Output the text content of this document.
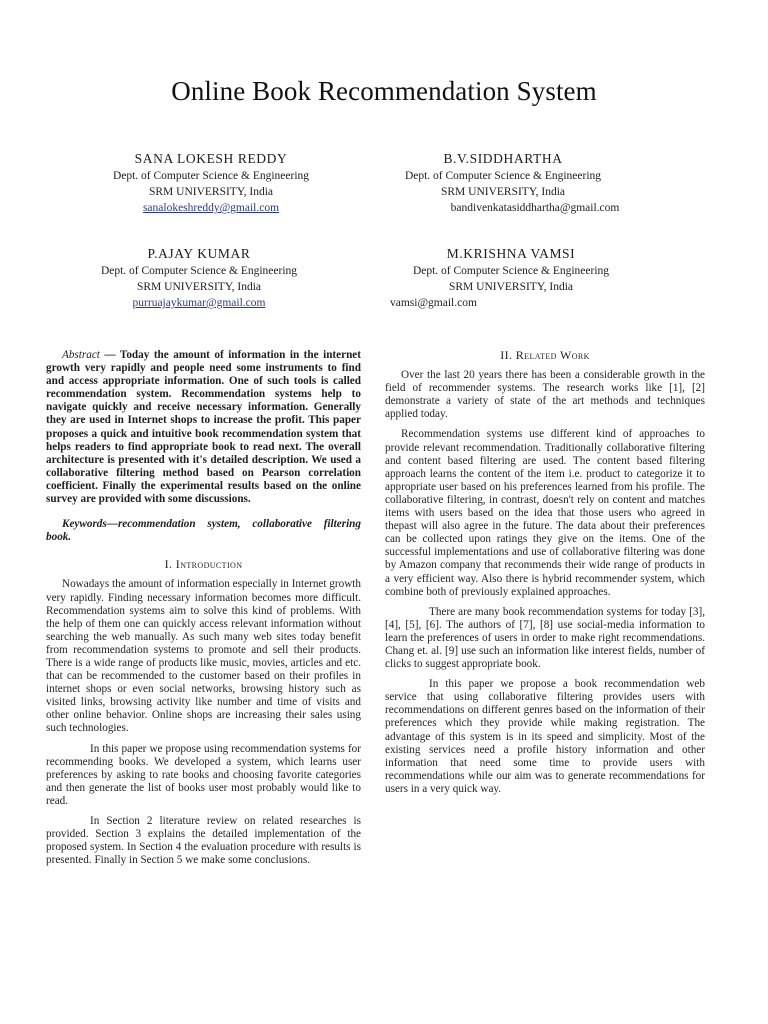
Online Book Recommendation System
SANA LOKESH REDDY
Dept. of Computer Science & Engineering
SRM UNIVERSITY, India
sanalokeshreddy@gmail.com
B.V.SIDDHARTHA
Dept. of Computer Science & Engineering
SRM UNIVERSITY, India
bandivenkatasiddhartha@gmail.com
P.AJAY KUMAR
Dept. of Computer Science & Engineering
SRM UNIVERSITY, India
purruajaykumar@gmail.com
M.KRISHNA VAMSI
Dept. of Computer Science & Engineering
SRM UNIVERSITY, India
vamsi@gmail.com

Abstract — Today the amount of information in the internet growth very rapidly and people need some instruments to find and access appropriate information. One of such tools is called recommendation system. Recommendation systems help to navigate quickly and receive necessary information. Generally they are used in Internet shops to increase the profit. This paper proposes a quick and intuitive book recommendation system that helps readers to find appropriate book to read next. The overall architecture is presented with it's detailed description. We used a collaborative filtering method based on Pearson correlation coefficient. Finally the experimental results based on the online survey are provided with some discussions.

Keywords—recommendation system, collaborative filtering book.

I. Introduction

Nowadays the amount of information especially in Internet growth very rapidly. Finding necessary information becomes more difficult. Recommendation systems aim to solve this kind of problems. With the help of them one can quickly access relevant information without searching the web manually. As such many web sites today benefit from recommendation systems to promote and sell their products. There is a wide range of products like music, movies, articles and etc. that can be recommended to the customer based on their profiles in internet shops or even social networks, browsing history such as visited links, browsing activity like number and time of visits and other online behavior. Online shops are increasing their sales using such technologies.

In this paper we propose using recommendation systems for recommending books. We developed a system, which learns user preferences by asking to rate books and choosing favorite categories and then generate the list of books user most probably would like to read.

In Section 2 literature review on related researches is provided. Section 3 explains the detailed implementation of the proposed system. In Section 4 the evaluation procedure with results is presented. Finally in Section 5 we make some conclusions.

II. Related Work

Over the last 20 years there has been a considerable growth in the field of recommender systems. The research works like [1], [2] demonstrate a variety of state of the art methods and techniques applied today.

Recommendation systems use different kind of approaches to provide relevant recommendation. Traditionally collaborative filtering and content based filtering are used. The content based filtering approach learns the content of the item i.e. product to categorize it to appropriate user based on his preferences learned from his profile. The collaborative filtering, in contrast, doesn't rely on content and matches items with users based on the idea that those users who agreed in thepast will also agree in the future. The data about their preferences can be collected upon ratings they give on the items. One of the successful implementations and use of collaborative filtering was done by Amazon company that recommends their wide range of products in a very efficient way. Also there is hybrid recommender system, which combine both of previously explained approaches.

There are many book recommendation systems for today [3], [4], [5], [6]. The authors of [7], [8] use social-media information to learn the preferences of users in order to make right recommendations. Chang et. al. [9] use such an information like interest fields, number of clicks to suggest appropriate book.

In this paper we propose a book recommendation web service that using collaborative filtering provides users with recommendations on different genres based on the information of their preferences which they provide while making registration. The advantage of this system is in its speed and simplicity. Most of the existing services need a profile history information and other information that need some time to provide users with recommendations while our aim was to generate recommendations for users in a very quick way.
